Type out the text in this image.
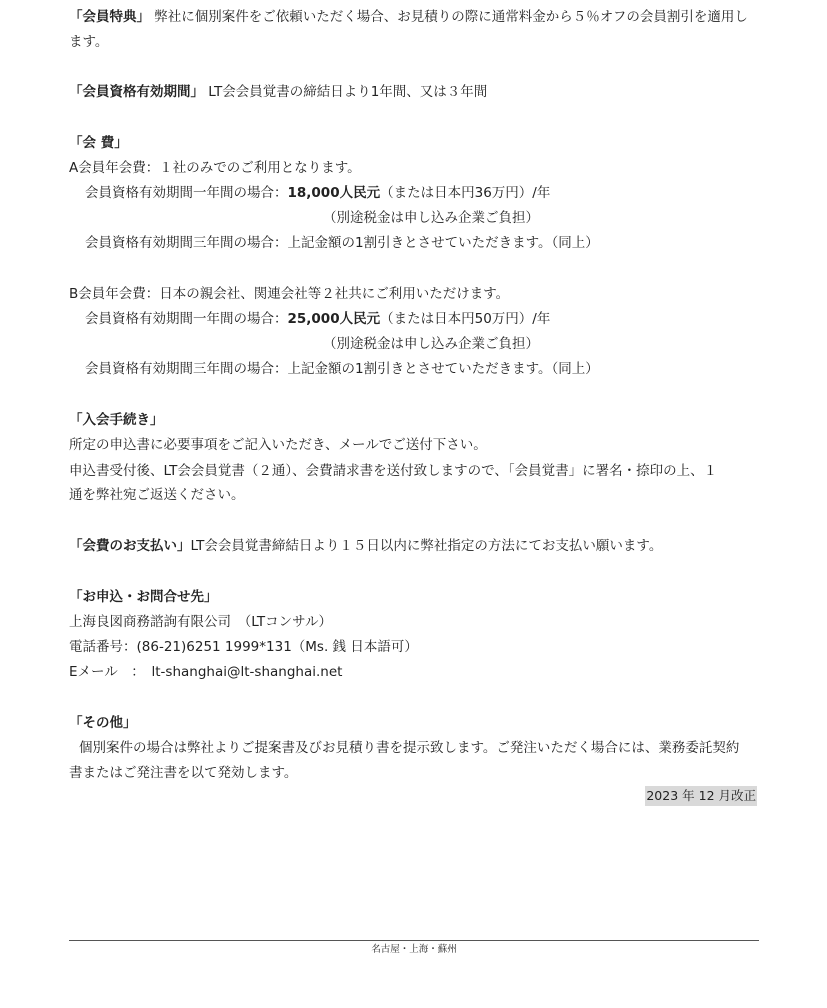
「会員特典」 弊社に個別案件をご依頼いただく場合、お見積りの際に通常料金から５％オフの会員割引を適用し
ます。
「会員資格有効期間」 LT会会員覚書の締結日より1年間、又は３年間
「会 費」
A会員年会費：１社のみでのご利用となります。
会員資格有効期間一年間の場合：18,000人民元（または日本円36万円）/年
（別途税金は申し込み企業ご負担）
会員資格有効期間三年間の場合：上記金額の1割引きとさせていただきます。（同上）
B会員年会費：日本の親会社、関連会社等２社共にご利用いただけます。
会員資格有効期間一年間の場合：25,000人民元（または日本円50万円）/年
（別途税金は申し込み企業ご負担）
会員資格有効期間三年間の場合：上記金額の1割引きとさせていただきます。（同上）
「入会手続き」
所定の申込書に必要事項をご記入いただき、メールでご送付下さい。
申込書受付後、LT会会員覚書（２通）、会費請求書を送付致しますので、「会員覚書」に署名・捺印の上、１
通を弊社宛ご返送ください。
「会費のお支払い」LT会会員覚書締結日より１５日以内に弊社指定の方法にてお支払い願います。
「お申込・お問合せ先」
上海良図商務諮詢有限公司　（LTコンサル）
電話番号：(86-21)6251 1999*131（Ms. 銭 日本語可）
Eメール　：　lt-shanghai@lt-shanghai.net
「その他」
個別案件の場合は弊社よりご提案書及びお見積り書を提示致します。ご発注いただく場合には、業務委託契約
書またはご発注書を以て発効します。
2023 年 12 月改正
名古屋・上海・蘇州
